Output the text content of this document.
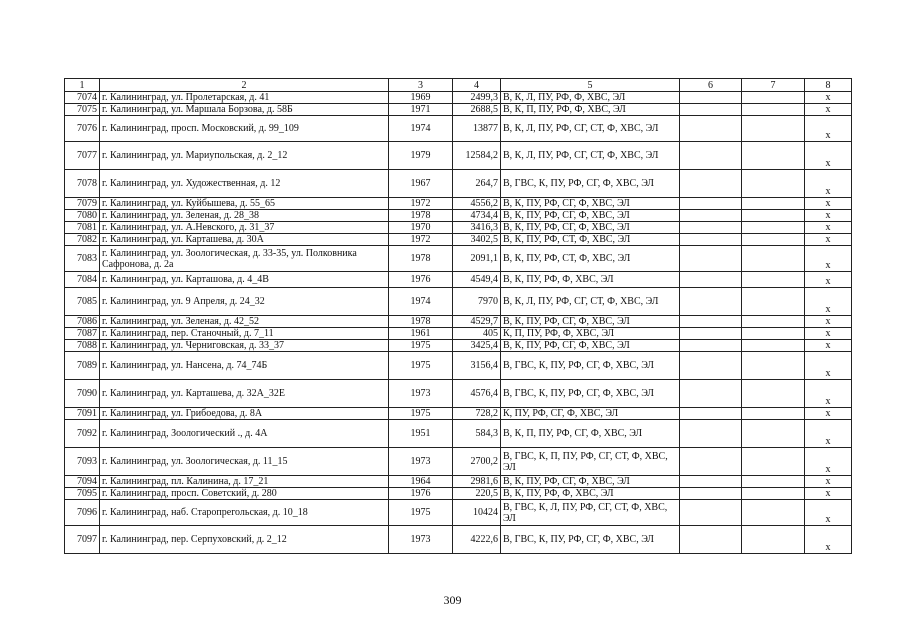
1	2	3	4	5	6	7	8
7074	г. Калининград, ул. Пролетарская, д. 41	1969	2499,3	В, К, Л, ПУ, РФ, Ф, ХВС, ЭЛ			х
7075	г. Калининград, ул. Маршала Борзова, д. 58Б	1971	2688,5	В, К, П, ПУ, РФ, Ф, ХВС, ЭЛ			х
7076	г. Калининград, просп. Московский, д. 99_109	1974	13877	В, К, Л, ПУ, РФ, СГ, СТ, Ф, ХВС, ЭЛ			х
7077	г. Калининград, ул. Мариупольская, д. 2_12	1979	12584,2	В, К, Л, ПУ, РФ, СГ, СТ, Ф, ХВС, ЭЛ			х
7078	г. Калининград, ул. Художественная, д. 12	1967	264,7	В, ГВС, К, ПУ, РФ, СГ, Ф, ХВС, ЭЛ			х
7079	г. Калининград, ул. Куйбышева, д. 55_65	1972	4556,2	В, К, ПУ, РФ, СГ, Ф, ХВС, ЭЛ			х
7080	г. Калининград, ул. Зеленая, д. 28_38	1978	4734,4	В, К, ПУ, РФ, СГ, Ф, ХВС, ЭЛ			х
7081	г. Калининград, ул. А.Невского, д. 31_37	1970	3416,3	В, К, ПУ, РФ, СГ, Ф, ХВС, ЭЛ			х
7082	г. Калининград, ул. Карташева, д. 30А	1972	3402,5	В, К, ПУ, РФ, СТ, Ф, ХВС, ЭЛ			х
7083	г. Калининград, ул. Зоологическая, д. 33-35, ул. Полковника Сафронова, д. 2а	1978	2091,1	В, К, ПУ, РФ, СТ, Ф, ХВС, ЭЛ			х
7084	г. Калининград, ул. Карташова, д. 4_4В	1976	4549,4	В, К, ПУ, РФ, Ф, ХВС, ЭЛ			х
7085	г. Калининград, ул. 9 Апреля, д. 24_32	1974	7970	В, К, Л, ПУ, РФ, СГ, СТ, Ф, ХВС, ЭЛ			х
7086	г. Калининград, ул. Зеленая, д. 42_52	1978	4529,7	В, К, ПУ, РФ, СГ, Ф, ХВС, ЭЛ			х
7087	г. Калининград, пер. Станочный, д. 7_11	1961	405	К, П, ПУ, РФ, Ф, ХВС, ЭЛ			х
7088	г. Калининград, ул. Черниговская, д. 33_37	1975	3425,4	В, К, ПУ, РФ, СГ, Ф, ХВС, ЭЛ			х
7089	г. Калининград, ул. Нансена, д. 74_74Б	1975	3156,4	В, ГВС, К, ПУ, РФ, СГ, Ф, ХВС, ЭЛ			х
7090	г. Калининград, ул. Карташева, д. 32А_32Е	1973	4576,4	В, ГВС, К, ПУ, РФ, СГ, Ф, ХВС, ЭЛ			х
7091	г. Калининград, ул. Грибоедова, д. 8А	1975	728,2	К, ПУ, РФ, СГ, Ф, ХВС, ЭЛ			х
7092	г. Калининград, Зоологический ., д. 4А	1951	584,3	В, К, П, ПУ, РФ, СГ, Ф, ХВС, ЭЛ			х
7093	г. Калининград, ул. Зоологическая, д. 11_15	1973	2700,2	В, ГВС, К, П, ПУ, РФ, СГ, СТ, Ф, ХВС, ЭЛ			х
7094	г. Калининград, пл. Калинина, д. 17_21	1964	2981,6	В, К, ПУ, РФ, СГ, Ф, ХВС, ЭЛ			х
7095	г. Калининград, просп. Советский, д. 280	1976	220,5	В, К, ПУ, РФ, Ф, ХВС, ЭЛ			х
7096	г. Калининград, наб. Старопрегольская, д. 10_18	1975	10424	В, ГВС, К, Л, ПУ, РФ, СГ, СТ, Ф, ХВС, ЭЛ			х
7097	г. Калининград, пер. Серпуховский, д. 2_12	1973	4222,6	В, ГВС, К, ПУ, РФ, СГ, Ф, ХВС, ЭЛ			х
309
